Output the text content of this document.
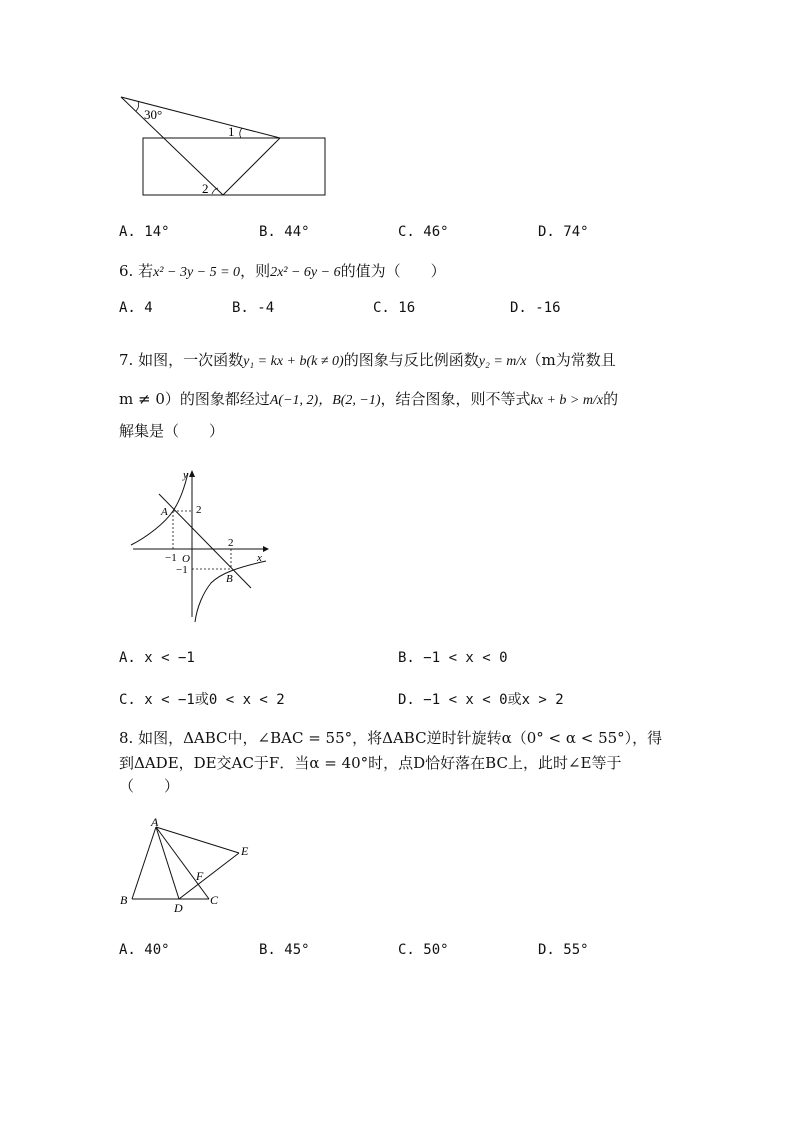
30°
1
2
A. 14°	B. 44°	C. 46°	D. 74°
6. 若x² − 3y − 5 = 0，则2x² − 6y − 6的值为（　　）
A. 4	B. -4	C. 16	D. -16
7. 如图，一次函数y₁ = kx + b(k ≠ 0)的图象与反比例函数y₂ = m/x（m为常数且
m ≠ 0）的图象都经过A(−1, 2)，B(2, −1)，结合图象，则不等式kx + b > m/x的
解集是（　　）
y
x
O
A
B
2
2
−1
−1
A. x < −1	B. −1 < x < 0
C. x < −1或0 < x < 2	D. −1 < x < 0或x > 2
8. 如图，ΔABC中，∠BAC = 55°，将ΔABC逆时针旋转α（0° < α < 55°），得
到ΔADE，DE交AC于F．当α = 40°时，点D恰好落在BC上，此时∠E等于
（　　）
A
B	C
D
E
F
A. 40°	B. 45°	C. 50°	D. 55°
